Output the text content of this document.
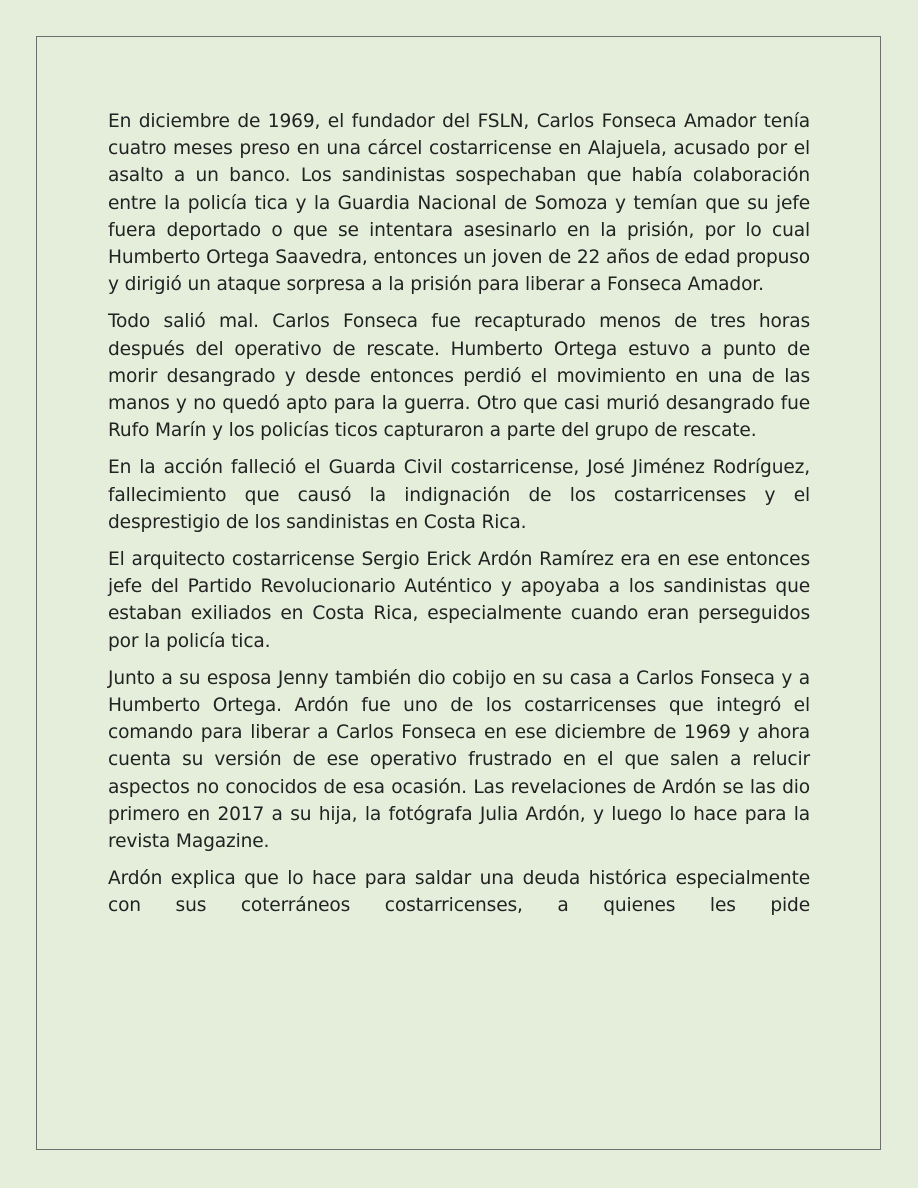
En diciembre de 1969, el fundador del FSLN, Carlos Fonseca Amador tenía cuatro meses preso en una cárcel costarricense en Alajuela, acusado por el asalto a un banco. Los sandinistas sospechaban que había colaboración entre la policía tica y la Guardia Nacional de Somoza y temían que su jefe fuera deportado o que se intentara asesinarlo en la prisión, por lo cual Humberto Ortega Saavedra, entonces un joven de 22 años de edad propuso y dirigió un ataque sorpresa a la prisión para liberar a Fonseca Amador.

Todo salió mal. Carlos Fonseca fue recapturado menos de tres horas después del operativo de rescate. Humberto Ortega estuvo a punto de morir desangrado y desde entonces perdió el movimiento en una de las manos y no quedó apto para la guerra. Otro que casi murió desangrado fue Rufo Marín y los policías ticos capturaron a parte del grupo de rescate.

En la acción falleció el Guarda Civil costarricense, José Jiménez Rodríguez, fallecimiento que causó la indignación de los costarricenses y el desprestigio de los sandinistas en Costa Rica.

El arquitecto costarricense Sergio Erick Ardón Ramírez era en ese entonces jefe del Partido Revolucionario Auténtico y apoyaba a los sandinistas que estaban exiliados en Costa Rica, especialmente cuando eran perseguidos por la policía tica.

Junto a su esposa Jenny también dio cobijo en su casa a Carlos Fonseca y a Humberto Ortega. Ardón fue uno de los costarricenses que integró el comando para liberar a Carlos Fonseca en ese diciembre de 1969 y ahora cuenta su versión de ese operativo frustrado en el que salen a relucir aspectos no conocidos de esa ocasión. Las revelaciones de Ardón se las dio primero en 2017 a su hija, la fotógrafa Julia Ardón, y luego lo hace para la revista Magazine.

Ardón explica que lo hace para saldar una deuda histórica especialmente con sus coterráneos costarricenses, a quienes les pide
